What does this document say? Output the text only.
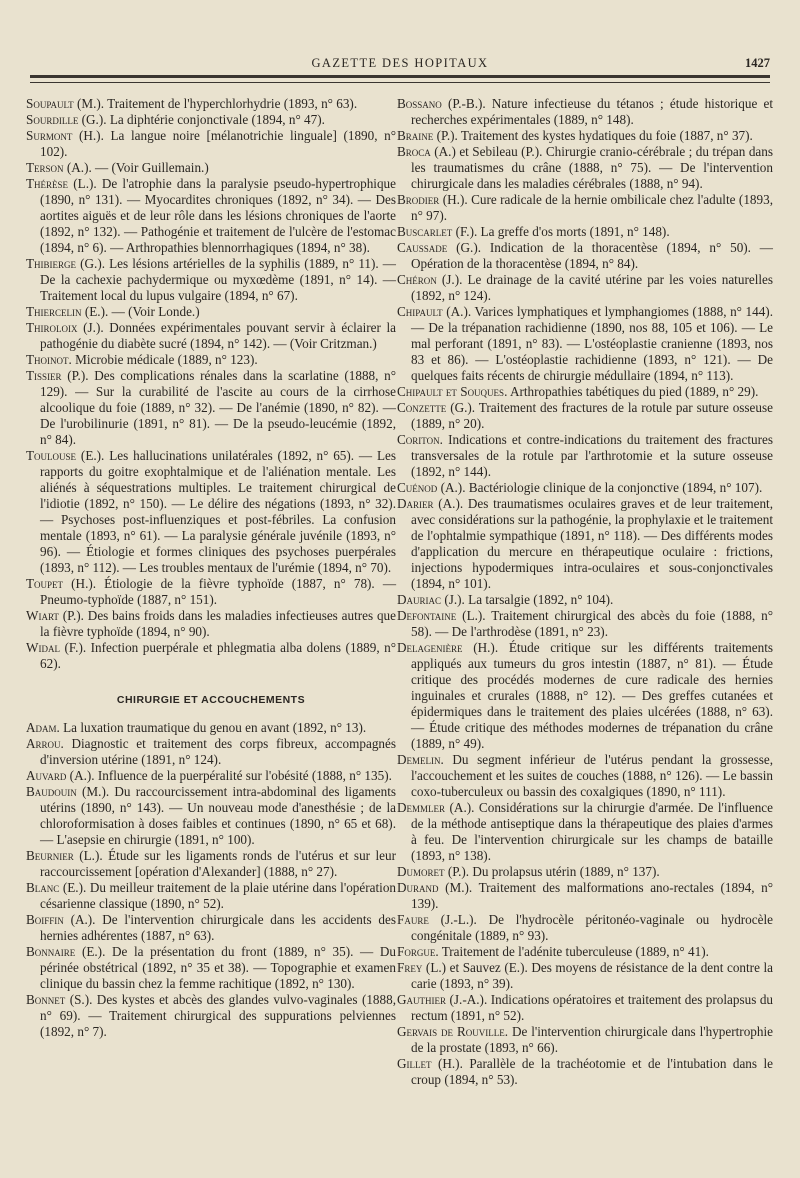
GAZETTE DES HOPITAUX	1427

Soupault (M.). Traitement de l'hyperchlorhydrie (1893, n° 63).

Sourdille (G.). La diphtérie conjonctivale (1894, n° 47).

Surmont (H.). La langue noire [mélanotrichie linguale] (1890, n° 102).

Terson (A.). — (Voir Guillemain.)

Thérèse (L.). De l'atrophie dans la paralysie pseudo-hypertrophique (1890, n° 131). — Myocardites chroniques (1892, n° 34). — Des aortites aiguës et de leur rôle dans les lésions chroniques de l'aorte (1892, n° 132). — Pathogénie et traitement de l'ulcère de l'estomac (1894, n° 6). — Arthropathies blennorrhagiques (1894, n° 38).

Thibierge (G.). Les lésions artérielles de la syphilis (1889, n° 11). — De la cachexie pachydermique ou myxœdème (1891, n° 14). — Traitement local du lupus vulgaire (1894, n° 67).

Thiercelin (E.). — (Voir Londe.)

Thiroloix (J.). Données expérimentales pouvant servir à éclairer la pathogénie du diabète sucré (1894, n° 142). — (Voir Critzman.)

Thoinot. Microbie médicale (1889, n° 123).

Tissier (P.). Des complications rénales dans la scarlatine (1888, n° 129). — Sur la curabilité de l'ascite au cours de la cirrhose alcoolique du foie (1889, n° 32). — De l'anémie (1890, n° 82). — De l'urobilinurie (1891, n° 81). — De la pseudo-leucémie (1892, n° 84).

Toulouse (E.). Les hallucinations unilatérales (1892, n° 65). — Les rapports du goitre exophtalmique et de l'aliénation mentale. Les aliénés à séquestrations multiples. Le traitement chirurgical de l'idiotie (1892, n° 150). — Le délire des négations (1893, n° 32). — Psychoses post-influenziques et post-fébriles. La confusion mentale (1893, n° 61). — La paralysie générale juvénile (1893, n° 96). — Étiologie et formes cliniques des psychoses puerpérales (1893, n° 112). — Les troubles mentaux de l'urémie (1894, n° 70).

Toupet (H.). Étiologie de la fièvre typhoïde (1887, n° 78). — Pneumo-typhoïde (1887, n° 151).

Wiart (P.). Des bains froids dans les maladies infectieuses autres que la fièvre typhoïde (1894, n° 90).

Widal (F.). Infection puerpérale et phlegmatia alba dolens (1889, n° 62).

CHIRURGIE ET ACCOUCHEMENTS

Adam. La luxation traumatique du genou en avant (1892, n° 13).

Arrou. Diagnostic et traitement des corps fibreux, accompagnés d'inversion utérine (1891, n° 124).

Auvard (A.). Influence de la puerpéralité sur l'obésité (1888, n° 135).

Baudouin (M.). Du raccourcissement intra-abdominal des ligaments utérins (1890, n° 143). — Un nouveau mode d'anesthésie ; de la chloroformisation à doses faibles et continues (1890, n° 65 et 68). — L'asepsie en chirurgie (1891, n° 100).

Beurnier (L.). Étude sur les ligaments ronds de l'utérus et sur leur raccourcissement [opération d'Alexander] (1888, n° 27).

Blanc (E.). Du meilleur traitement de la plaie utérine dans l'opération césarienne classique (1890, n° 52).

Boiffin (A.). De l'intervention chirurgicale dans les accidents des hernies adhérentes (1887, n° 63).

Bonnaire (E.). De la présentation du front (1889, n° 35). — Du périnée obstétrical (1892, n° 35 et 38). — Topographie et examen clinique du bassin chez la femme rachitique (1892, n° 130).

Bonnet (S.). Des kystes et abcès des glandes vulvo-vaginales (1888, n° 69). — Traitement chirurgical des suppurations pelviennes (1892, n° 7).

Bossano (P.-B.). Nature infectieuse du tétanos ; étude historique et recherches expérimentales (1889, n° 148).

Braine (P.). Traitement des kystes hydatiques du foie (1887, n° 37).

Broca (A.) et Sebileau (P.). Chirurgie cranio-cérébrale ; du trépan dans les traumatismes du crâne (1888, n° 75). — De l'intervention chirurgicale dans les maladies cérébrales (1888, n° 94).

Brodier (H.). Cure radicale de la hernie ombilicale chez l'adulte (1893, n° 97).

Buscarlet (F.). La greffe d'os morts (1891, n° 148).

Caussade (G.). Indication de la thoracentèse (1894, n° 50). — Opération de la thoracentèse (1894, n° 84).

Chéron (J.). Le drainage de la cavité utérine par les voies naturelles (1892, n° 124).

Chipault (A.). Varices lymphatiques et lymphangiomes (1888, n° 144). — De la trépanation rachidienne (1890, nos 88, 105 et 106). — Le mal perforant (1891, n° 83). — L'ostéoplastie cranienne (1893, nos 83 et 86). — L'ostéoplastie rachidienne (1893, n° 121). — De quelques faits récents de chirurgie médullaire (1894, n° 113).

Chipault et Souques. Arthropathies tabétiques du pied (1889, n° 29).

Conzette (G.). Traitement des fractures de la rotule par suture osseuse (1889, n° 20).

Coriton. Indications et contre-indications du traitement des fractures transversales de la rotule par l'arthrotomie et la suture osseuse (1892, n° 144).

Cuénod (A.). Bactériologie clinique de la conjonctive (1894, n° 107).

Darier (A.). Des traumatismes oculaires graves et de leur traitement, avec considérations sur la pathogénie, la prophylaxie et le traitement de l'ophtalmie sympathique (1891, n° 118). — Des différents modes d'application du mercure en thérapeutique oculaire : frictions, injections hypodermiques intra-oculaires et sous-conjonctivales (1894, n° 101).

Dauriac (J.). La tarsalgie (1892, n° 104).

Defontaine (L.). Traitement chirurgical des abcès du foie (1888, n° 58). — De l'arthrodèse (1891, n° 23).

Delagenière (H.). Étude critique sur les différents traitements appliqués aux tumeurs du gros intestin (1887, n° 81). — Étude critique des procédés modernes de cure radicale des hernies inguinales et crurales (1888, n° 12). — Des greffes cutanées et épidermiques dans le traitement des plaies ulcérées (1888, n° 63). — Étude critique des méthodes modernes de trépanation du crâne (1889, n° 49).

Demelin. Du segment inférieur de l'utérus pendant la grossesse, l'accouchement et les suites de couches (1888, n° 126). — Le bassin coxo-tuberculeux ou bassin des coxalgiques (1890, n° 111).

Demmler (A.). Considérations sur la chirurgie d'armée. De l'influence de la méthode antiseptique dans la thérapeutique des plaies d'armes à feu. De l'intervention chirurgicale sur les champs de bataille (1893, n° 138).

Dumoret (P.). Du prolapsus utérin (1889, n° 137).

Durand (M.). Traitement des malformations ano-rectales (1894, n° 139).

Faure (J.-L.). De l'hydrocèle péritonéo-vaginale ou hydrocèle congénitale (1889, n° 93).

Forgue. Traitement de l'adénite tuberculeuse (1889, n° 41).

Frey (L.) et Sauvez (E.). Des moyens de résistance de la dent contre la carie (1893, n° 39).

Gauthier (J.-A.). Indications opératoires et traitement des prolapsus du rectum (1891, n° 52).

Gervais de Rouville. De l'intervention chirurgicale dans l'hypertrophie de la prostate (1893, n° 66).

Gillet (H.). Parallèle de la trachéotomie et de l'intubation dans le croup (1894, n° 53).
